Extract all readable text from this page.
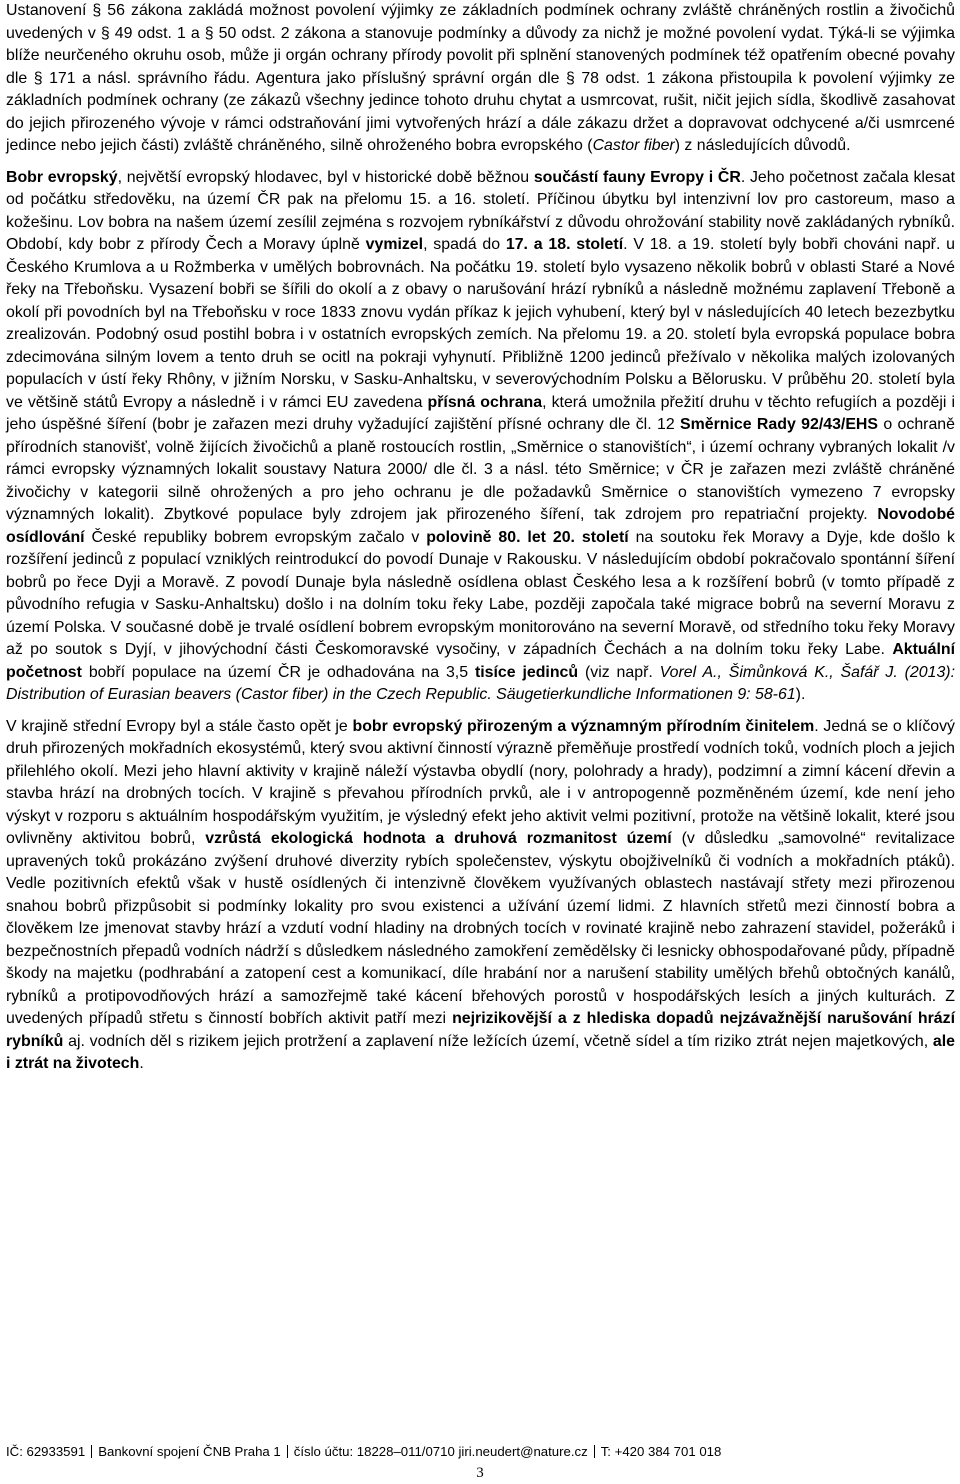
Ustanovení § 56 zákona zakládá možnost povolení výjimky ze základních podmínek ochrany zvláště chráněných rostlin a živočichů uvedených v § 49 odst. 1 a § 50 odst. 2 zákona a stanovuje podmínky a důvody za nichž je možné povolení vydat. Týká-li se výjimka blíže neurčeného okruhu osob, může ji orgán ochrany přírody povolit při splnění stanovených podmínek též opatřením obecné povahy dle § 171 a násl. správního řádu. Agentura jako příslušný správní orgán dle § 78 odst. 1 zákona přistoupila k povolení výjimky ze základních podmínek ochrany (ze zákazů všechny jedince tohoto druhu chytat a usmrcovat, rušit, ničit jejich sídla, škodlivě zasahovat do jejich přirozeného vývoje v rámci odstraňování jimi vytvořených hrází a dále zákazu držet a dopravovat odchycené a/či usmrcené jedince nebo jejich části) zvláště chráněného, silně ohroženého bobra evropského (Castor fiber) z následujících důvodů.

Bobr evropský, největší evropský hlodavec, byl v historické době běžnou součástí fauny Evropy i ČR. Jeho početnost začala klesat od počátku středověku, na území ČR pak na přelomu 15. a 16. století. Příčinou úbytku byl intenzivní lov pro castoreum, maso a kožešinu. Lov bobra na našem území zesílil zejména s rozvojem rybníkářství z důvodu ohrožování stability nově zakládaných rybníků. Období, kdy bobr z přírody Čech a Moravy úplně vymizel, spadá do 17. a 18. století. V 18. a 19. století byly bobři chováni např. u Českého Krumlova a u Rožmberka v umělých bobrovnách. Na počátku 19. století bylo vysazeno několik bobrů v oblasti Staré a Nové řeky na Třeboňsku. Vysazení bobři se šířili do okolí a z obavy o narušování hrází rybníků a následně možnému zaplavení Třeboně a okolí při povodních byl na Třeboňsku v roce 1833 znovu vydán příkaz k jejich vyhubení, který byl v následujících 40 letech bezezbytku zrealizován. Podobný osud postihl bobra i v ostatních evropských zemích. Na přelomu 19. a 20. století byla evropská populace bobra zdecimována silným lovem a tento druh se ocitl na pokraji vyhynutí. Přibližně 1200 jedinců přežívalo v několika malých izolovaných populacích v ústí řeky Rhôny, v jižním Norsku, v Sasku-Anhaltsku, v severovýchodním Polsku a Bělorusku. V průběhu 20. století byla ve většině států Evropy a následně i v rámci EU zavedena přísná ochrana, která umožnila přežití druhu v těchto refugiích a později i jeho úspěšné šíření (bobr je zařazen mezi druhy vyžadující zajištění přísné ochrany dle čl. 12 Směrnice Rady 92/43/EHS o ochraně přírodních stanovišť, volně žijících živočichů a planě rostoucích rostlin, „Směrnice o stanovištích“, i území ochrany vybraných lokalit /v rámci evropsky významných lokalit soustavy Natura 2000/ dle čl. 3 a násl. této Směrnice; v ČR je zařazen mezi zvláště chráněné živočichy v kategorii silně ohrožených a pro jeho ochranu je dle požadavků Směrnice o stanovištích vymezeno 7 evropsky významných lokalit). Zbytkové populace byly zdrojem jak přirozeného šíření, tak zdrojem pro repatriační projekty. Novodobé osídlování České republiky bobrem evropským začalo v polovině 80. let 20. století na soutoku řek Moravy a Dyje, kde došlo k rozšíření jedinců z populací vzniklých reintrodukcí do povodí Dunaje v Rakousku. V následujícím období pokračovalo spontánní šíření bobrů po řece Dyji a Moravě. Z povodí Dunaje byla následně osídlena oblast Českého lesa a k rozšíření bobrů (v tomto případě z původního refugia v Sasku-Anhaltsku) došlo i na dolním toku řeky Labe, později započala také migrace bobrů na severní Moravu z území Polska. V současné době je trvalé osídlení bobrem evropským monitorováno na severní Moravě, od středního toku řeky Moravy až po soutok s Dyjí, v jihovýchodní části Českomoravské vysočiny, v západních Čechách a na dolním toku řeky Labe. Aktuální početnost bobří populace na území ČR je odhadována na 3,5 tisíce jedinců (viz např. Vorel A., Šimůnková K., Šafář J. (2013): Distribution of Eurasian beavers (Castor fiber) in the Czech Republic. Säugetierkundliche Informationen 9: 58-61).

V krajině střední Evropy byl a stále často opět je bobr evropský přirozeným a významným přírodním činitelem. Jedná se o klíčový druh přirozených mokřadních ekosystémů, který svou aktivní činností výrazně přeměňuje prostředí vodních toků, vodních ploch a jejich přilehlého okolí. Mezi jeho hlavní aktivity v krajině náleží výstavba obydlí (nory, polohrady a hrady), podzimní a zimní kácení dřevin a stavba hrází na drobných tocích. V krajině s převahou přírodních prvků, ale i v antropogenně pozměněném území, kde není jeho výskyt v rozporu s aktuálním hospodářským využitím, je výsledný efekt jeho aktivit velmi pozitivní, protože na většině lokalit, které jsou ovlivněny aktivitou bobrů, vzrůstá ekologická hodnota a druhová rozmanitost území (v důsledku „samovolné“ revitalizace upravených toků prokázáno zvýšení druhové diverzity rybích společenstev, výskytu obojživelníků či vodních a mokřadních ptáků). Vedle pozitivních efektů však v hustě osídlených či intenzivně člověkem využívaných oblastech nastávají střety mezi přirozenou snahou bobrů přizpůsobit si podmínky lokality pro svou existenci a užívání území lidmi. Z hlavních střetů mezi činností bobra a člověkem lze jmenovat stavby hrází a vzdutí vodní hladiny na drobných tocích v rovinaté krajině nebo zahrazení stavidel, požeráků i bezpečnostních přepadů vodních nádrží s důsledkem následného zamokření zemědělsky či lesnicky obhospodařované půdy, případně škody na majetku (podhrabání a zatopení cest a komunikací, díle hrabání nor a narušení stability umělých břehů obtočných kanálů, rybníků a protipovodňových hrází a samozřejmě také kácení břehových porostů v hospodářských lesích a jiných kulturách. Z uvedených případů střetu s činností bobřích aktivit patří mezi nejrizikovější a z hlediska dopadů nejzávažnější narušování hrází rybníků aj. vodních děl s rizikem jejich protržení a zaplavení níže ležících území, včetně sídel a tím riziko ztrát nejen majetkových, ale i ztrát na životech.

IČ: 62933591 Bankovní spojení ČNB Praha 1 číslo účtu: 18228–011/0710 jiri.neudert@nature.cz T: +420 384 701 018
3
